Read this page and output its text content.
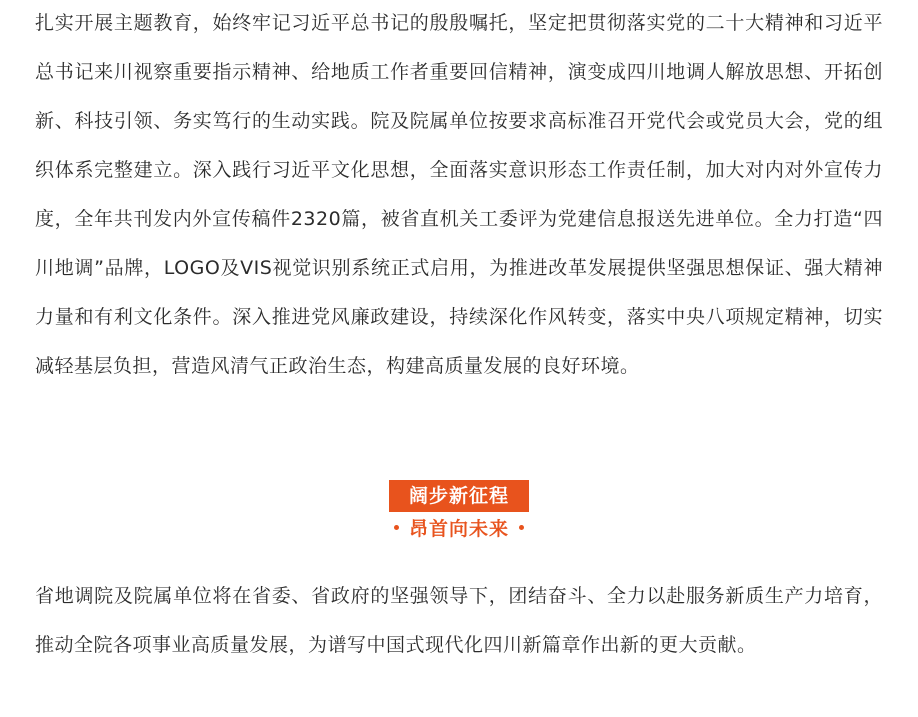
扎实开展主题教育，始终牢记习近平总书记的殷殷嘱托，坚定把贯彻落实党的二十大精神和习近平总书记来川视察重要指示精神、给地质工作者重要回信精神，演变成四川地调人解放思想、开拓创新、科技引领、务实笃行的生动实践。院及院属单位按要求高标准召开党代会或党员大会，党的组织体系完整建立。深入践行习近平文化思想，全面落实意识形态工作责任制，加大对内对外宣传力度，全年共刊发内外宣传稿件2320篇，被省直机关工委评为党建信息报送先进单位。全力打造“四川地调”品牌，LOGO及VIS视觉识别系统正式启用，为推进改革发展提供坚强思想保证、强大精神力量和有利文化条件。深入推进党风廉政建设，持续深化作风转变，落实中央八项规定精神，切实减轻基层负担，营造风清气正政治生态，构建高质量发展的良好环境。

阔步新征程
昂首向未来

省地调院及院属单位将在省委、省政府的坚强领导下，团结奋斗、全力以赴服务新质生产力培育，推动全院各项事业高质量发展，为谱写中国式现代化四川新篇章作出新的更大贡献。
